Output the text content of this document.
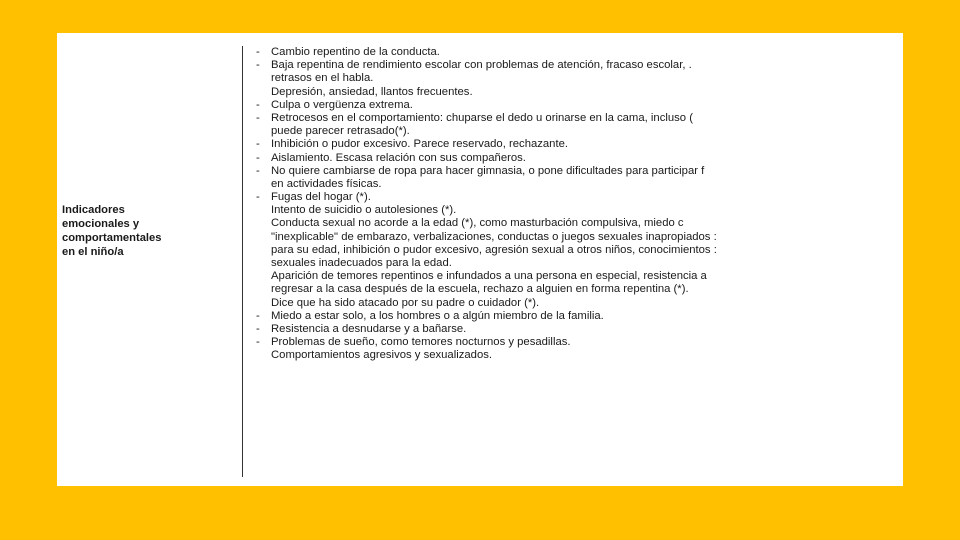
Indicadores
emocionales y
comportamentales
en el niño/a
- Cambio repentino de la conducta.
- Baja repentina de rendimiento escolar con problemas de atención, fracaso escolar, .
retrasos en el habla.
Depresión, ansiedad, llantos frecuentes.
- Culpa o vergüenza extrema.
- Retrocesos en el comportamiento: chuparse el dedo u orinarse en la cama, incluso (
puede parecer retrasado(*).
- Inhibición o pudor excesivo. Parece reservado, rechazante.
- Aislamiento. Escasa relación con sus compañeros.
- No quiere cambiarse de ropa para hacer gimnasia, o pone dificultades para participar f
en actividades físicas.
- Fugas del hogar (*).
Intento de suicidio o autolesiones (*).
Conducta sexual no acorde a la edad (*), como masturbación compulsiva, miedo c
"inexplicable" de embarazo, verbalizaciones, conductas o juegos sexuales inapropiados :
para su edad, inhibición o pudor excesivo, agresión sexual a otros niños, conocimientos :
sexuales inadecuados para la edad.
Aparición de temores repentinos e infundados a una persona en especial, resistencia a
regresar a la casa después de la escuela, rechazo a alguien en forma repentina (*).
Dice que ha sido atacado por su padre o cuidador (*).
- Miedo a estar solo, a los hombres o a algún miembro de la familia.
- Resistencia a desnudarse y a bañarse.
- Problemas de sueño, como temores nocturnos y pesadillas.
Comportamientos agresivos y sexualizados.
